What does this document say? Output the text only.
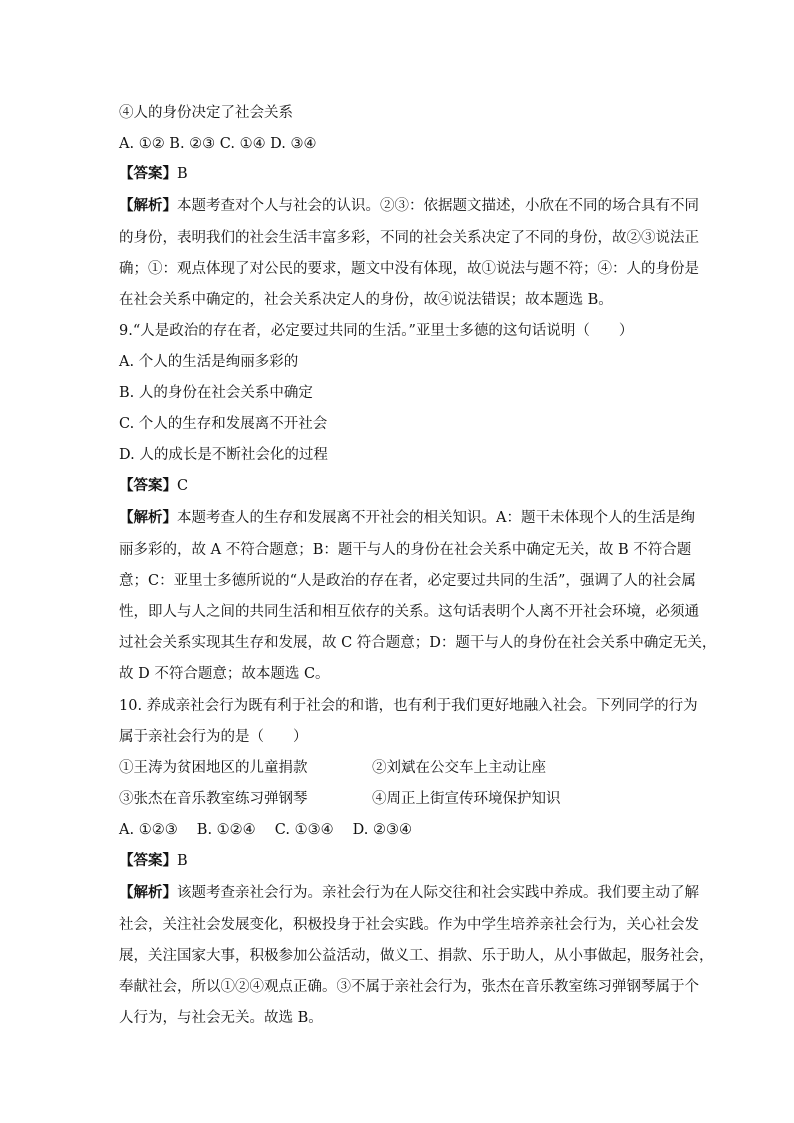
④人的身份决定了社会关系
A. ①② B. ②③ C. ①④ D. ③④
【答案】B
【解析】本题考查对个人与社会的认识。②③：依据题文描述，小欣在不同的场合具有不同
的身份，表明我们的社会生活丰富多彩，不同的社会关系决定了不同的身份，故②③说法正
确；①：观点体现了对公民的要求，题文中没有体现，故①说法与题不符；④：人的身份是
在社会关系中确定的，社会关系决定人的身份，故④说法错误；故本题选 B。
9.“人是政治的存在者，必定要过共同的生活。”亚里士多德的这句话说明（　　）
A. 个人的生活是绚丽多彩的
B. 人的身份在社会关系中确定
C. 个人的生存和发展离不开社会
D. 人的成长是不断社会化的过程
【答案】C
【解析】本题考查人的生存和发展离不开社会的相关知识。A：题干未体现个人的生活是绚
丽多彩的，故 A 不符合题意；B：题干与人的身份在社会关系中确定无关，故 B 不符合题
意；C：亚里士多德所说的“人是政治的存在者，必定要过共同的生活”，强调了人的社会属
性，即人与人之间的共同生活和相互依存的关系。这句话表明个人离不开社会环境，必须通
过社会关系实现其生存和发展，故 C 符合题意；D：题干与人的身份在社会关系中确定无关，
故 D 不符合题意；故本题选 C。
10. 养成亲社会行为既有利于社会的和谐，也有利于我们更好地融入社会。下列同学的行为
属于亲社会行为的是（　　）
①王涛为贫困地区的儿童捐款	②刘斌在公交车上主动让座
③张杰在音乐教室练习弹钢琴	④周正上街宣传环境保护知识
A. ①②③　 B. ①②④　 C. ①③④　 D. ②③④
【答案】B
【解析】该题考查亲社会行为。亲社会行为在人际交往和社会实践中养成。我们要主动了解
社会，关注社会发展变化，积极投身于社会实践。作为中学生培养亲社会行为，关心社会发
展，关注国家大事，积极参加公益活动，做义工、捐款、乐于助人，从小事做起，服务社会，
奉献社会，所以①②④观点正确。③不属于亲社会行为，张杰在音乐教室练习弹钢琴属于个
人行为，与社会无关。故选 B。
